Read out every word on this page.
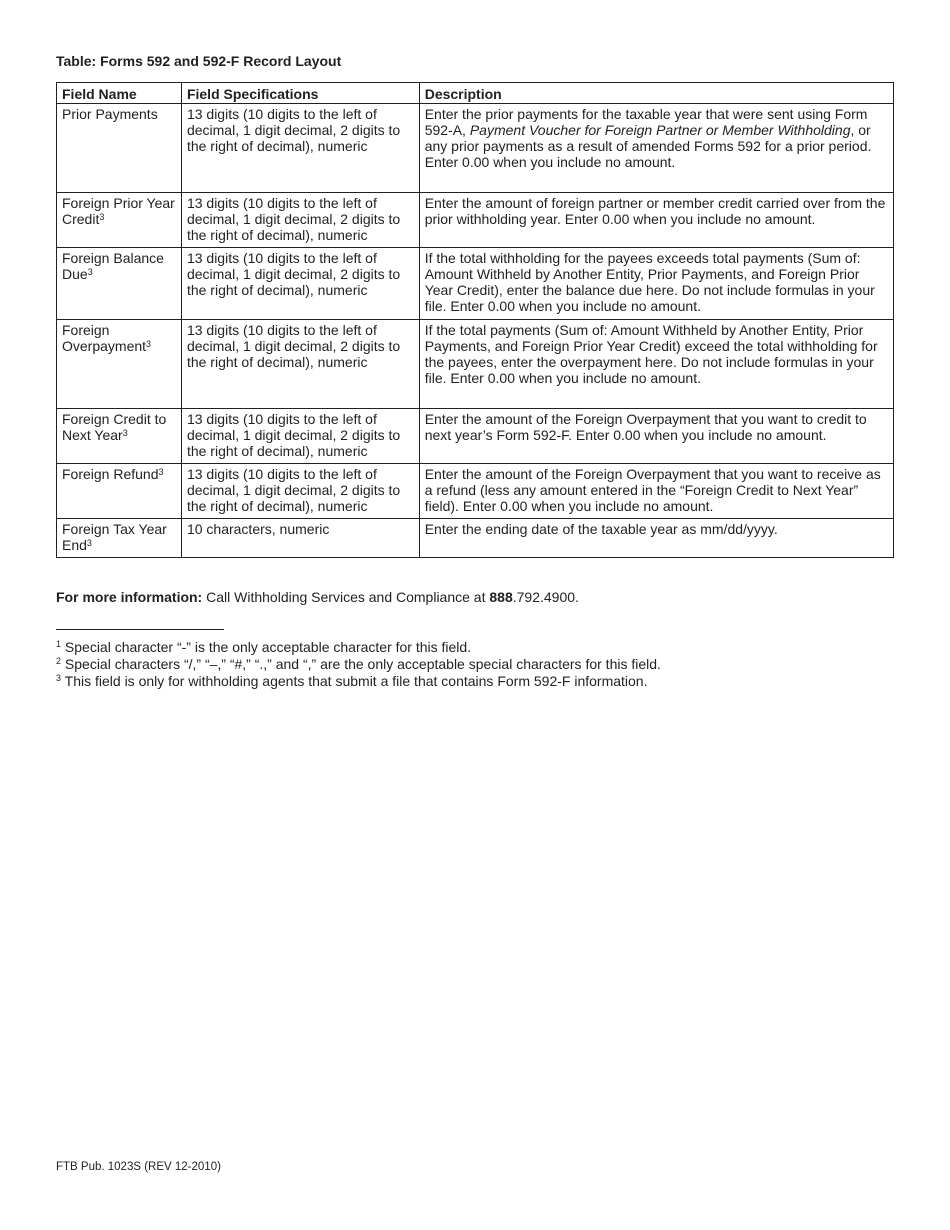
Table: Forms 592 and 592-F Record Layout
Field Name	Field Specifications	Description
Prior Payments	13 digits (10 digits to the left of decimal, 1 digit decimal, 2 digits to the right of decimal), numeric	Enter the prior payments for the taxable year that were sent using Form 592-A, Payment Voucher for Foreign Partner or Member Withholding, or any prior payments as a result of amended Forms 592 for a prior period. Enter 0.00 when you include no amount.
Foreign Prior Year Credit$^3$	13 digits (10 digits to the left of decimal, 1 digit decimal, 2 digits to the right of decimal), numeric	Enter the amount of foreign partner or member credit carried over from the prior withholding year. Enter 0.00 when you include no amount.
Foreign Balance Due$^3$	13 digits (10 digits to the left of decimal, 1 digit decimal, 2 digits to the right of decimal), numeric	If the total withholding for the payees exceeds total payments (Sum of: Amount Withheld by Another Entity, Prior Payments, and Foreign Prior Year Credit), enter the balance due here. Do not include formulas in your file. Enter 0.00 when you include no amount.
Foreign Overpayment$^3$	13 digits (10 digits to the left of decimal, 1 digit decimal, 2 digits to the right of decimal), numeric	If the total payments (Sum of: Amount Withheld by Another Entity, Prior Payments, and Foreign Prior Year Credit) exceed the total withholding for the payees, enter the overpayment here. Do not include formulas in your file. Enter 0.00 when you include no amount.
Foreign Credit to Next Year$^3$	13 digits (10 digits to the left of decimal, 1 digit decimal, 2 digits to the right of decimal), numeric	Enter the amount of the Foreign Overpayment that you want to credit to next year’s Form 592-F. Enter 0.00 when you include no amount.
Foreign Refund$^3$	13 digits (10 digits to the left of decimal, 1 digit decimal, 2 digits to the right of decimal), numeric	Enter the amount of the Foreign Overpayment that you want to receive as a refund (less any amount entered in the “Foreign Credit to Next Year” field). Enter 0.00 when you include no amount.
Foreign Tax Year End$^3$	10 characters, numeric	Enter the ending date of the taxable year as mm/dd/yyyy.
For more information: Call Withholding Services and Compliance at 888.792.4900.
$^1$ Special character “-” is the only acceptable character for this field.
$^2$ Special characters “/,” “–,” “#,” “.,” and “,” are the only acceptable special characters for this field.
$^3$ This field is only for withholding agents that submit a file that contains Form 592-F information.
FTB Pub. 1023S (REV 12-2010)
